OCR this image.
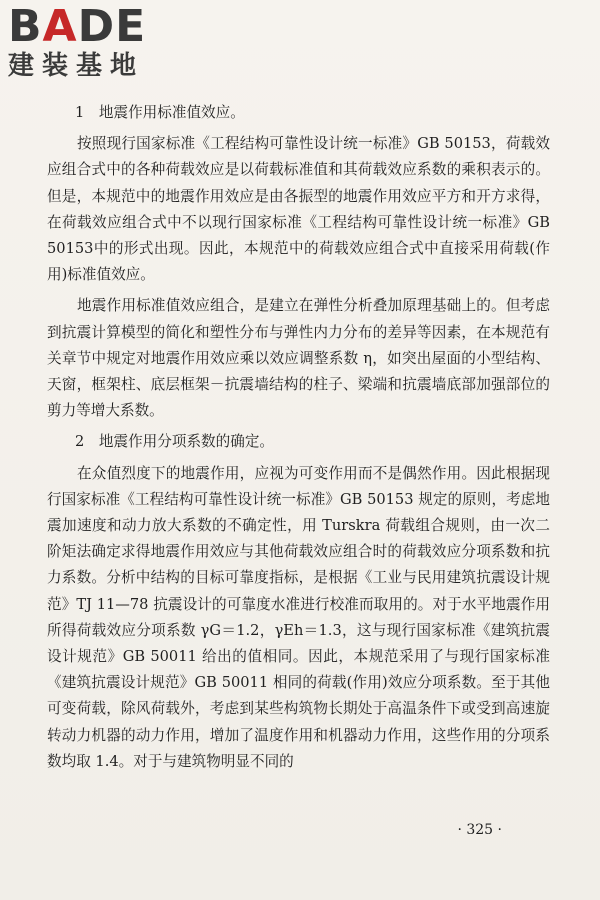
BADE
建装基地

1　地震作用标准值效应。

按照现行国家标准《工程结构可靠性设计统一标准》GB 50153，荷载效应组合式中的各种荷载效应是以荷载标准值和其荷载效应系数的乘积表示的。但是，本规范中的地震作用效应是由各振型的地震作用效应平方和开方求得，在荷载效应组合式中不以现行国家标准《工程结构可靠性设计统一标准》GB 50153中的形式出现。因此，本规范中的荷载效应组合式中直接采用荷载(作用)标准值效应。

地震作用标准值效应组合，是建立在弹性分析叠加原理基础上的。但考虑到抗震计算模型的简化和塑性分布与弹性内力分布的差异等因素，在本规范有关章节中规定对地震作用效应乘以效应调整系数 η，如突出屋面的小型结构、天窗，框架柱、底层框架－抗震墙结构的柱子、梁端和抗震墙底部加强部位的剪力等增大系数。

2　地震作用分项系数的确定。

在众值烈度下的地震作用，应视为可变作用而不是偶然作用。因此根据现行国家标准《工程结构可靠性设计统一标准》GB 50153 规定的原则，考虑地震加速度和动力放大系数的不确定性，用 Turskra 荷载组合规则，由一次二阶矩法确定求得地震作用效应与其他荷载效应组合时的荷载效应分项系数和抗力系数。分析中结构的目标可靠度指标，是根据《工业与民用建筑抗震设计规范》TJ 11—78 抗震设计的可靠度水准进行校准而取用的。对于水平地震作用所得荷载效应分项系数 γG＝1.2，γEh＝1.3，这与现行国家标准《建筑抗震设计规范》GB 50011 给出的值相同。因此，本规范采用了与现行国家标准《建筑抗震设计规范》GB 50011 相同的荷载(作用)效应分项系数。至于其他可变荷载，除风荷载外，考虑到某些构筑物长期处于高温条件下或受到高速旋转动力机器的动力作用，增加了温度作用和机器动力作用，这些作用的分项系数均取 1.4。对于与建筑物明显不同的

· 325 ·
